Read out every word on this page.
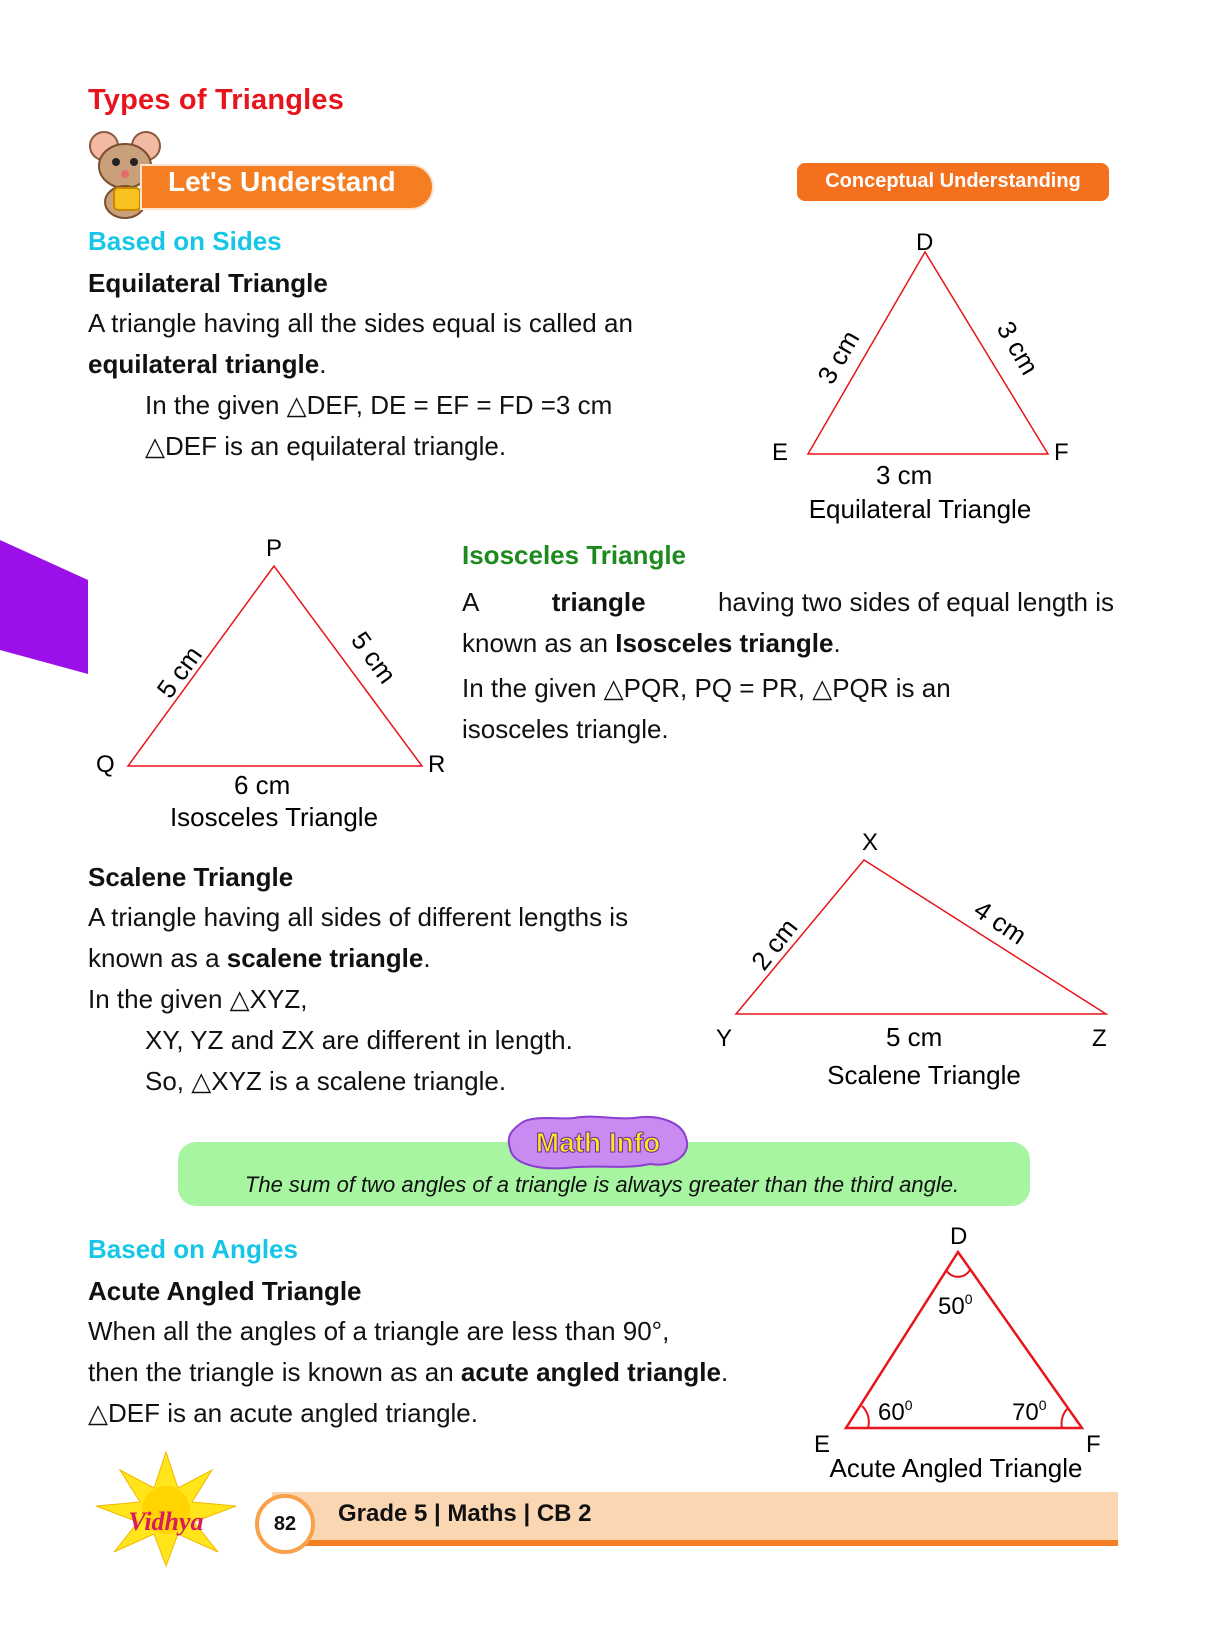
Types of Triangles
Let's Understand	Conceptual Understanding
Based on Sides
Equilateral Triangle
A triangle having all the sides equal is called an
equilateral triangle.
In the given △DEF, DE = EF = FD =3 cm
△DEF is an equilateral triangle.
D
E	F
3 cm	3 cm
3 cm
Equilateral Triangle
P
Q	R
5 cm	5 cm
6 cm
Isosceles Triangle
Isosceles Triangle
A	triangle	having two sides of equal length is
known as an Isosceles triangle.
In the given △PQR, PQ = PR, △PQR is an
isosceles triangle.
Scalene Triangle
A triangle having all sides of different lengths is
known as a scalene triangle.
In the given △XYZ,
XY, YZ and ZX are different in length.
So, △XYZ is a scalene triangle.
X
Y	Z
2 cm	4 cm
5 cm
Scalene Triangle
Math Info
The sum of two angles of a triangle is always greater than the third angle.
Based on Angles
Acute Angled Triangle
When all the angles of a triangle are less than 90°,
then the triangle is known as an acute angled triangle.
△DEF is an acute angled triangle.
D
E	F
$50^0$
$60^0$	$70^0$
Acute Angled Triangle
Vidhya	82	Grade 5 | Maths | CB 2
